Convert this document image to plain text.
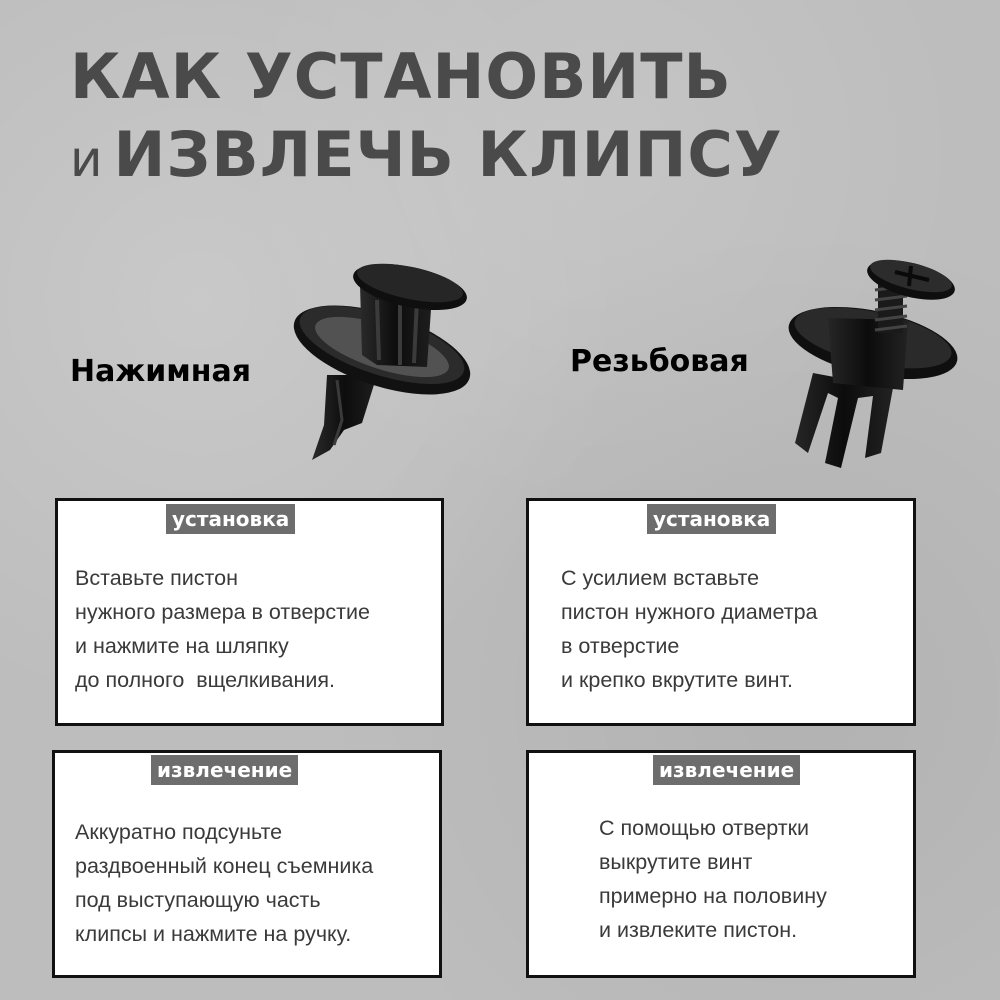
КАК УСТАНОВИТЬ
и ИЗВЛЕЧЬ КЛИПСУ

Нажимная	Резьбовая

установка

Вставьте пистон
нужного размера в отверстие
и нажмите на шляпку
до полного  вщелкивания.

установка

С усилием вставьте
пистон нужного диаметра
в отверстие
и крепко вкрутите винт.

извлечение

Аккуратно подсуньте
раздвоенный конец съемника
под выступающую часть
клипсы и нажмите на ручку.

извлечение

С помощью отвертки
выкрутите винт
примерно на половину
и извлеките пистон.
